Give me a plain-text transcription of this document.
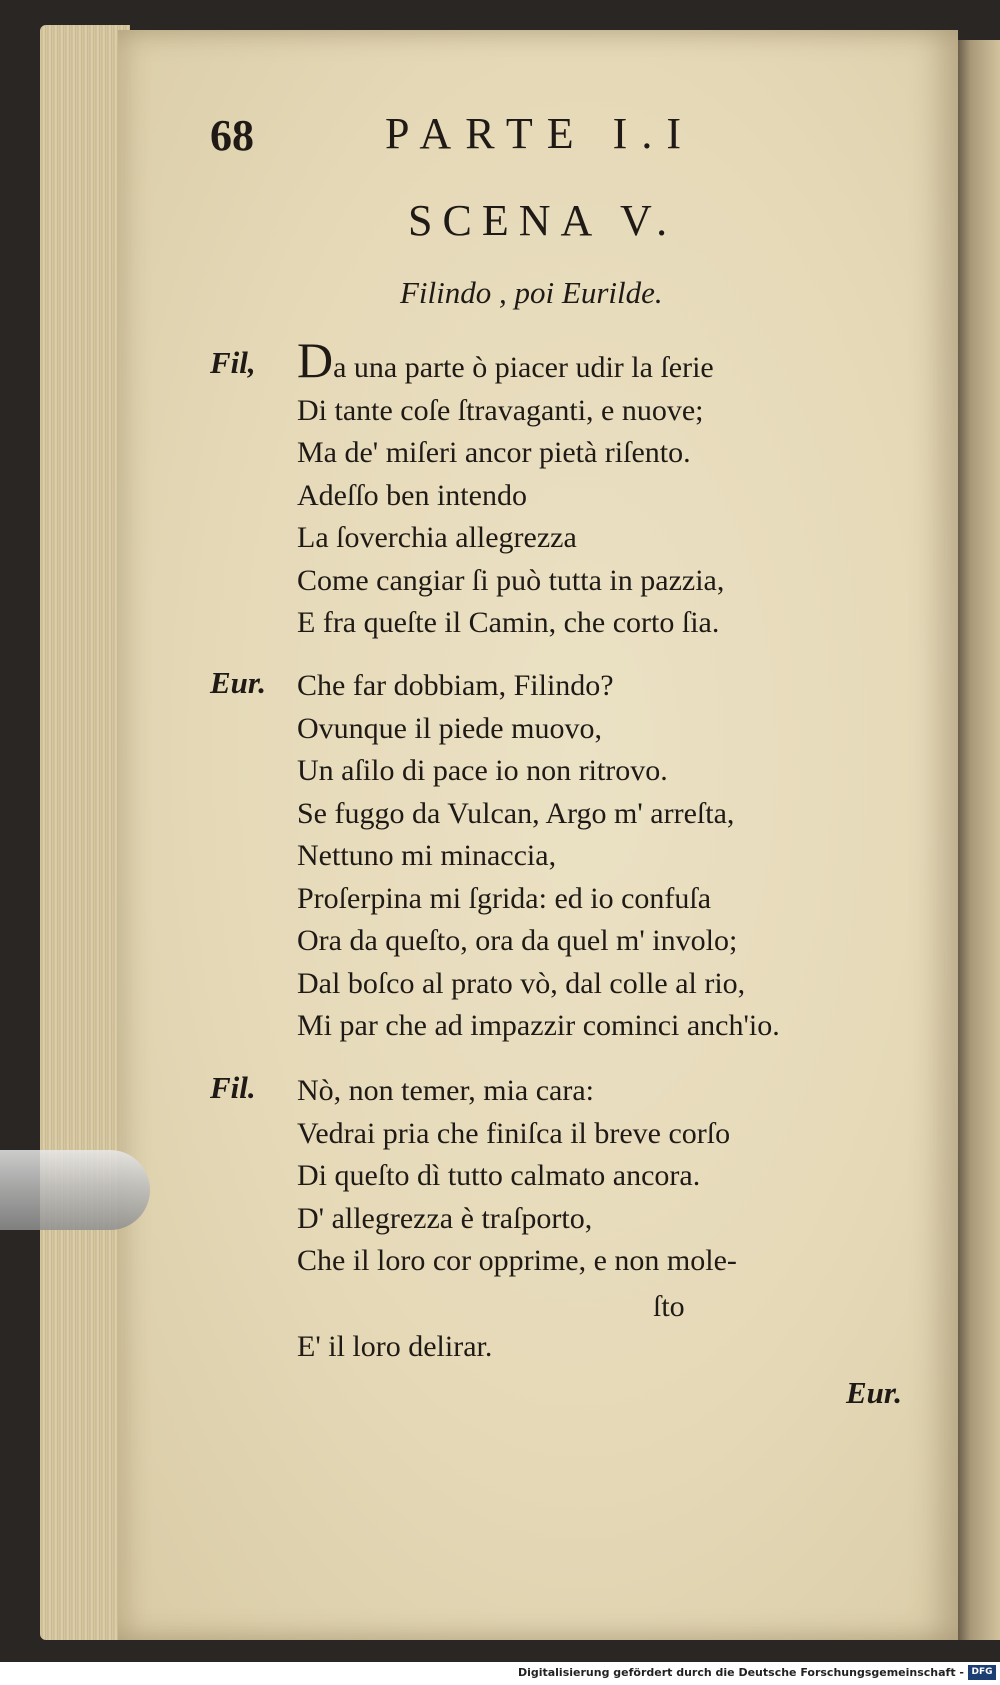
68	PARTE I.I
SCENA V.
Filindo , poi Eurilde.
Fil, Da una parte ò piacer udir la ſerie
Di tante coſe ſtravaganti, e nuove;
Ma de' miſeri ancor pietà riſento.
Adeſſo ben intendo
La ſoverchia allegrezza
Come cangiar ſi può tutta in pazzia,
E fra queſte il Camin, che corto ſia.
Eur. Che far dobbiam, Filindo?
Ovunque il piede muovo,
Un aſilo di pace io non ritrovo.
Se fuggo da Vulcan, Argo m' arreſta,
Nettuno mi minaccia,
Proſerpina mi ſgrida: ed io confuſa
Ora da queſto, ora da quel m' involo;
Dal boſco al prato vò, dal colle al rio,
Mi par che ad impazzir cominci anch'io.
Fil. Nò, non temer, mia cara:
Vedrai pria che finiſca il breve corſo
Di queſto dì tutto calmato ancora.
D' allegrezza è traſporto,
Che il loro cor opprime, e non mole-
ſto
E' il loro delirar.
Eur.
Digitalisierung gefördert durch die Deutsche Forschungsgemeinschaft - DFG
